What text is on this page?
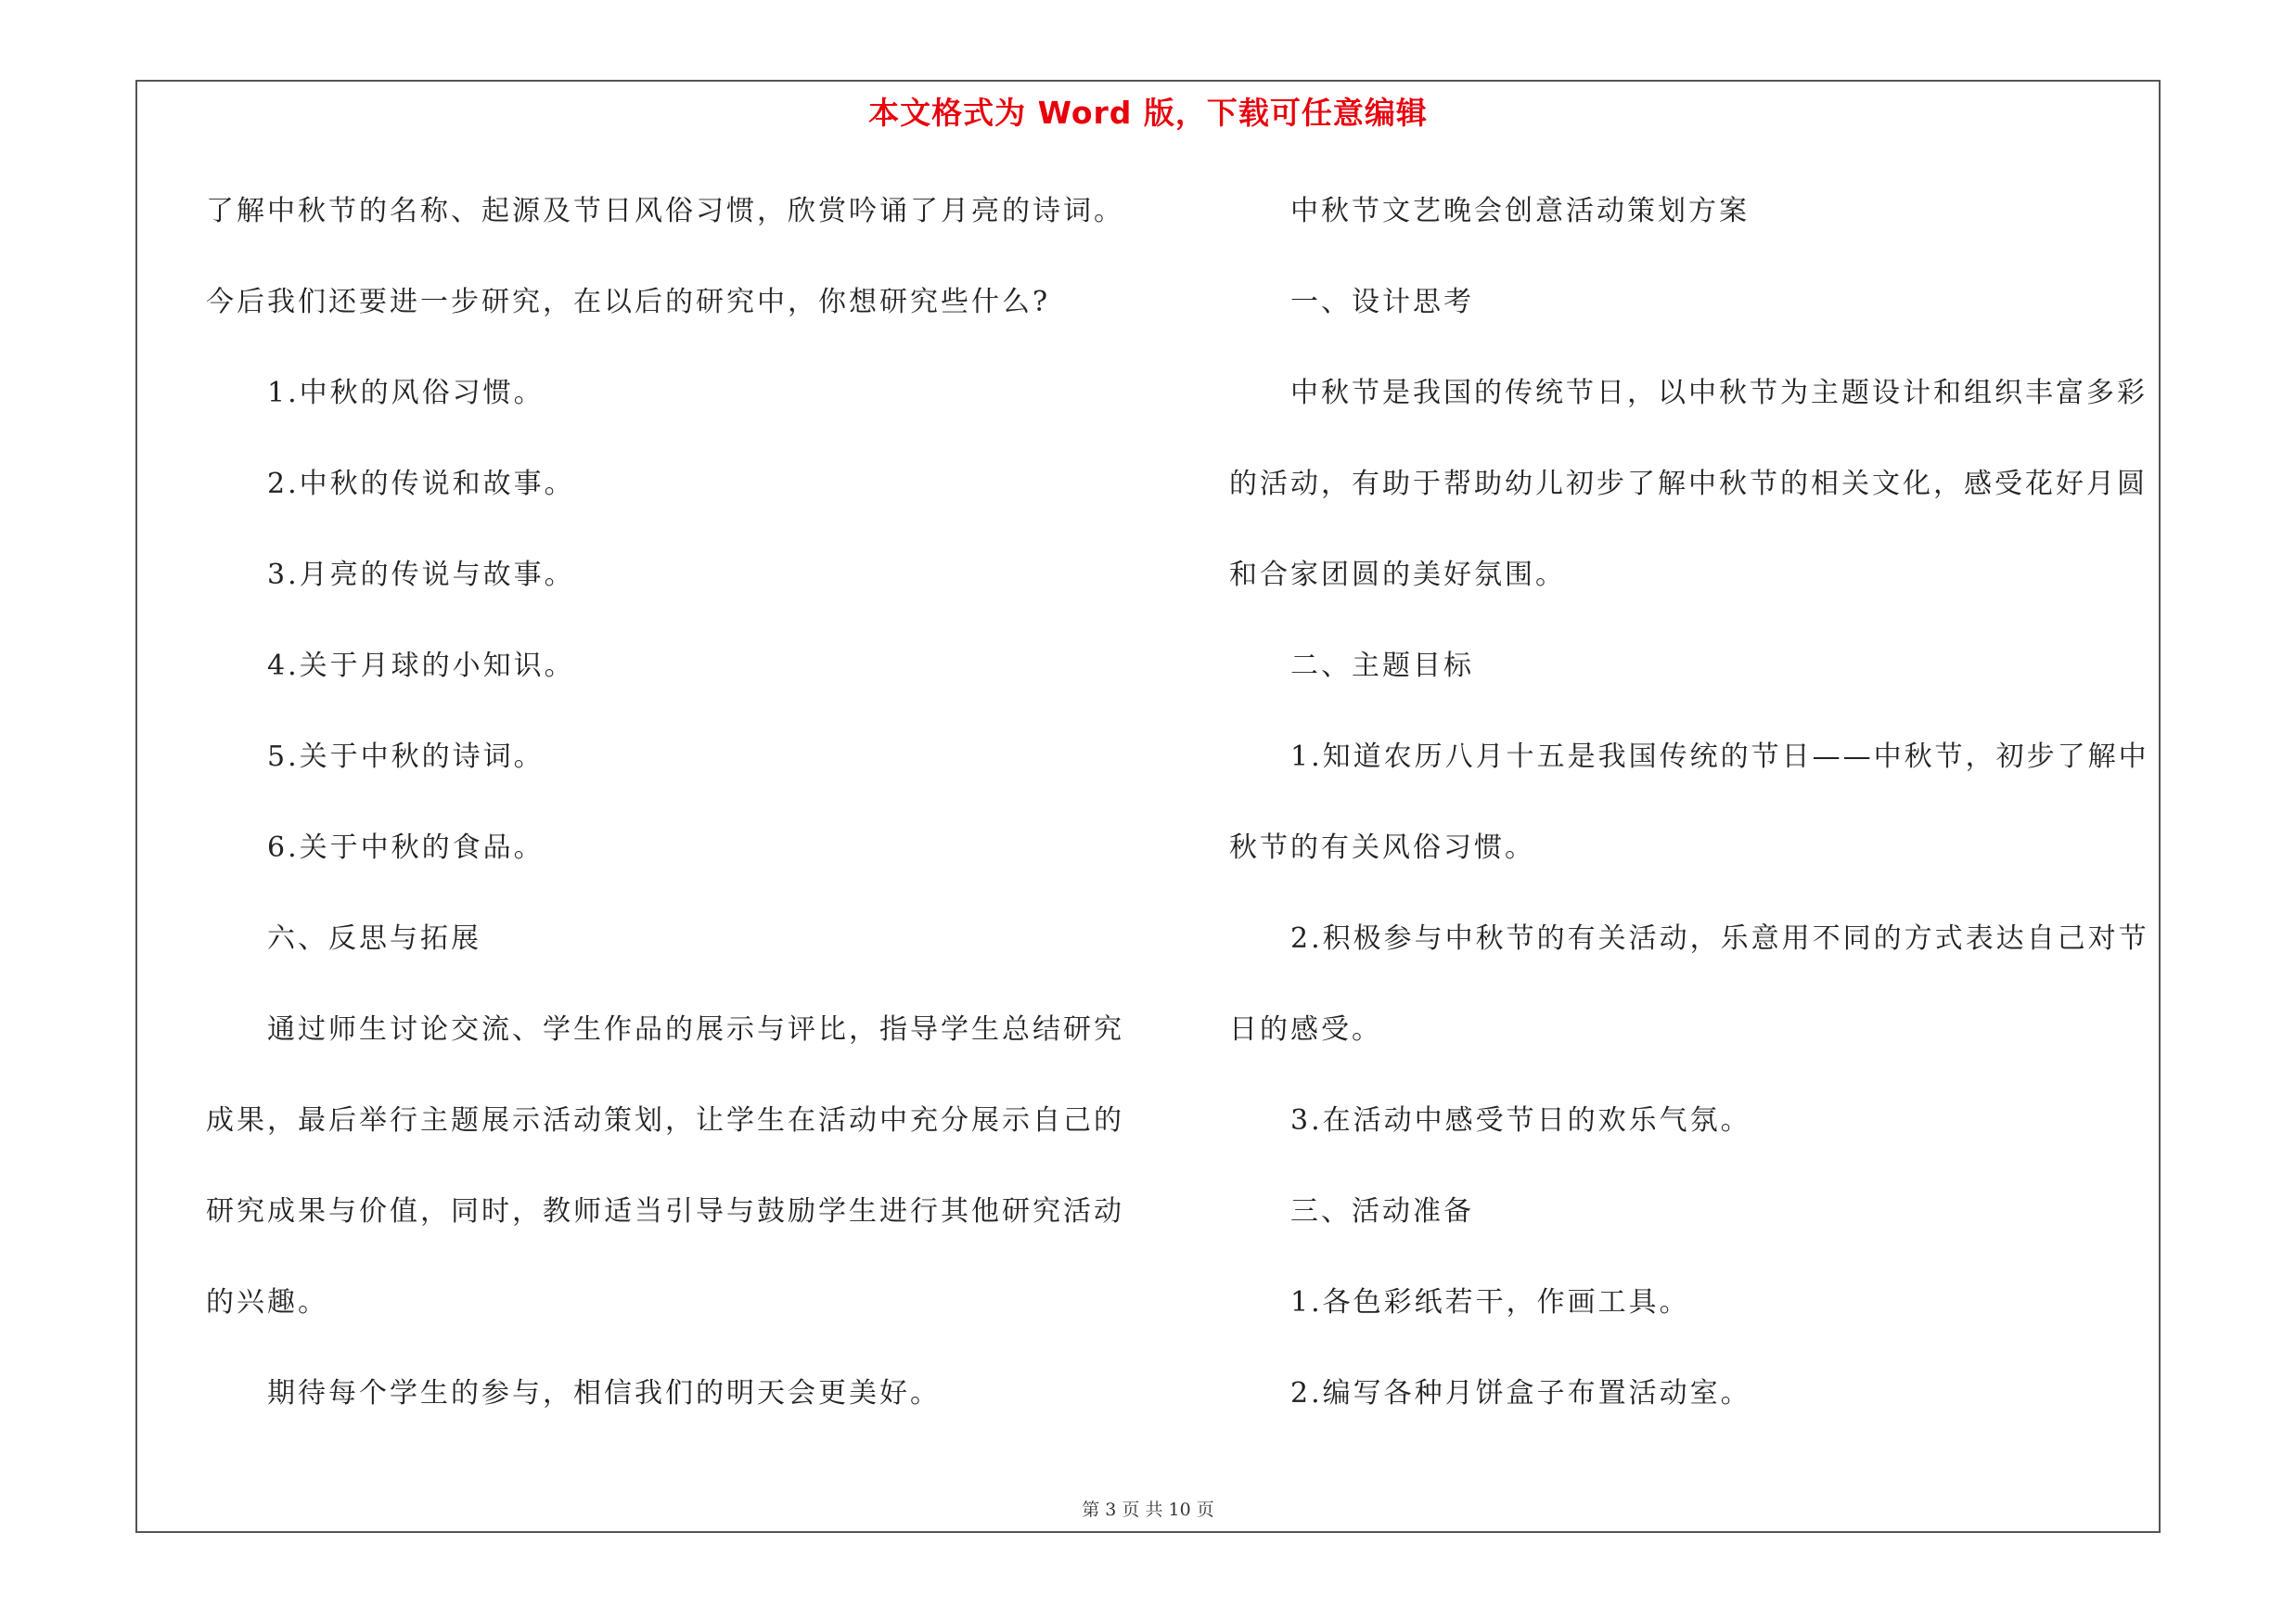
本文格式为 Word 版，下载可任意编辑
了解中秋节的名称、起源及节日风俗习惯，欣赏吟诵了月亮的诗词。
今后我们还要进一步研究，在以后的研究中，你想研究些什么?
1.中秋的风俗习惯。
2.中秋的传说和故事。
3.月亮的传说与故事。
4.关于月球的小知识。
5.关于中秋的诗词。
6.关于中秋的食品。
六、反思与拓展
通过师生讨论交流、学生作品的展示与评比，指导学生总结研究
成果，最后举行主题展示活动策划，让学生在活动中充分展示自己的
研究成果与价值，同时，教师适当引导与鼓励学生进行其他研究活动
的兴趣。
期待每个学生的参与，相信我们的明天会更美好。
中秋节文艺晚会创意活动策划方案
一、设计思考
中秋节是我国的传统节日，以中秋节为主题设计和组织丰富多彩
的活动，有助于帮助幼儿初步了解中秋节的相关文化，感受花好月圆
和合家团圆的美好氛围。
二、主题目标
1.知道农历八月十五是我国传统的节日——中秋节，初步了解中
秋节的有关风俗习惯。
2.积极参与中秋节的有关活动，乐意用不同的方式表达自己对节
日的感受。
3.在活动中感受节日的欢乐气氛。
三、活动准备
1.各色彩纸若干，作画工具。
2.编写各种月饼盒子布置活动室。
第 3 页 共 10 页
